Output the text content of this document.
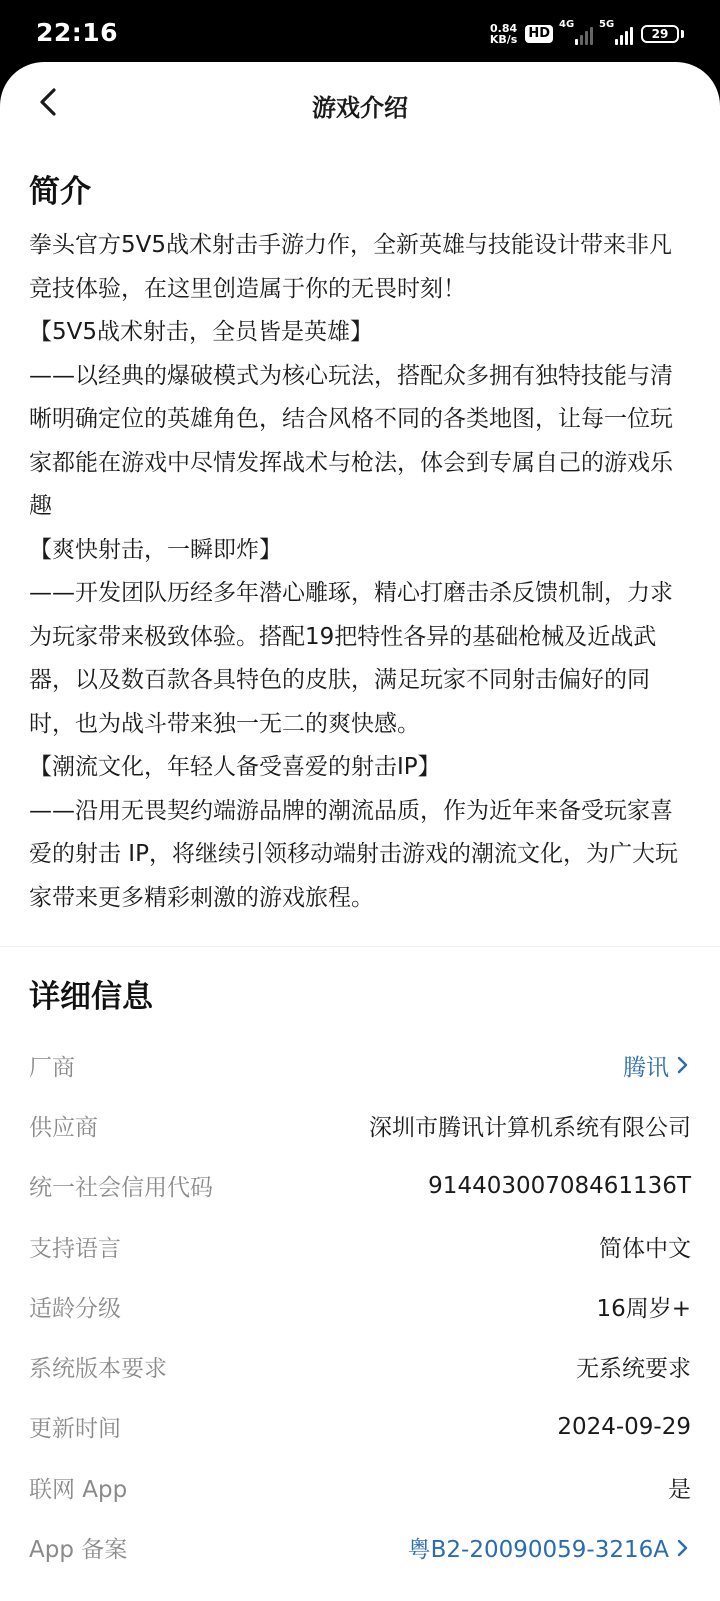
22:16	0.84
KB/s HD
4G 5G
29
游戏介绍
简介

拳头官方5V5战术射击手游力作，全新英雄与技能设计带来非凡竞技体验，在这里创造属于你的无畏时刻！

【5V5战术射击，全员皆是英雄】

——以经典的爆破模式为核心玩法，搭配众多拥有独特技能与清晰明确定位的英雄角色，结合风格不同的各类地图，让每一位玩家都能在游戏中尽情发挥战术与枪法，体会到专属自己的游戏乐趣

【爽快射击，一瞬即炸】

——开发团队历经多年潜心雕琢，精心打磨击杀反馈机制，力求为玩家带来极致体验。搭配19把特性各异的基础枪械及近战武器，以及数百款各具特色的皮肤，满足玩家不同射击偏好的同时，也为战斗带来独一无二的爽快感。

【潮流文化，年轻人备受喜爱的射击IP】

——沿用无畏契约端游品牌的潮流品质，作为近年来备受玩家喜爱的射击 IP，将继续引领移动端射击游戏的潮流文化，为广大玩家带来更多精彩刺激的游戏旅程。

详细信息
厂商	腾讯
供应商	深圳市腾讯计算机系统有限公司
统一社会信用代码	91440300708461136T
支持语言	简体中文
适龄分级	16周岁+
系统版本要求	无系统要求
更新时间	2024-09-29
联网 App	是
App 备案	粤B2-20090059-3216A
